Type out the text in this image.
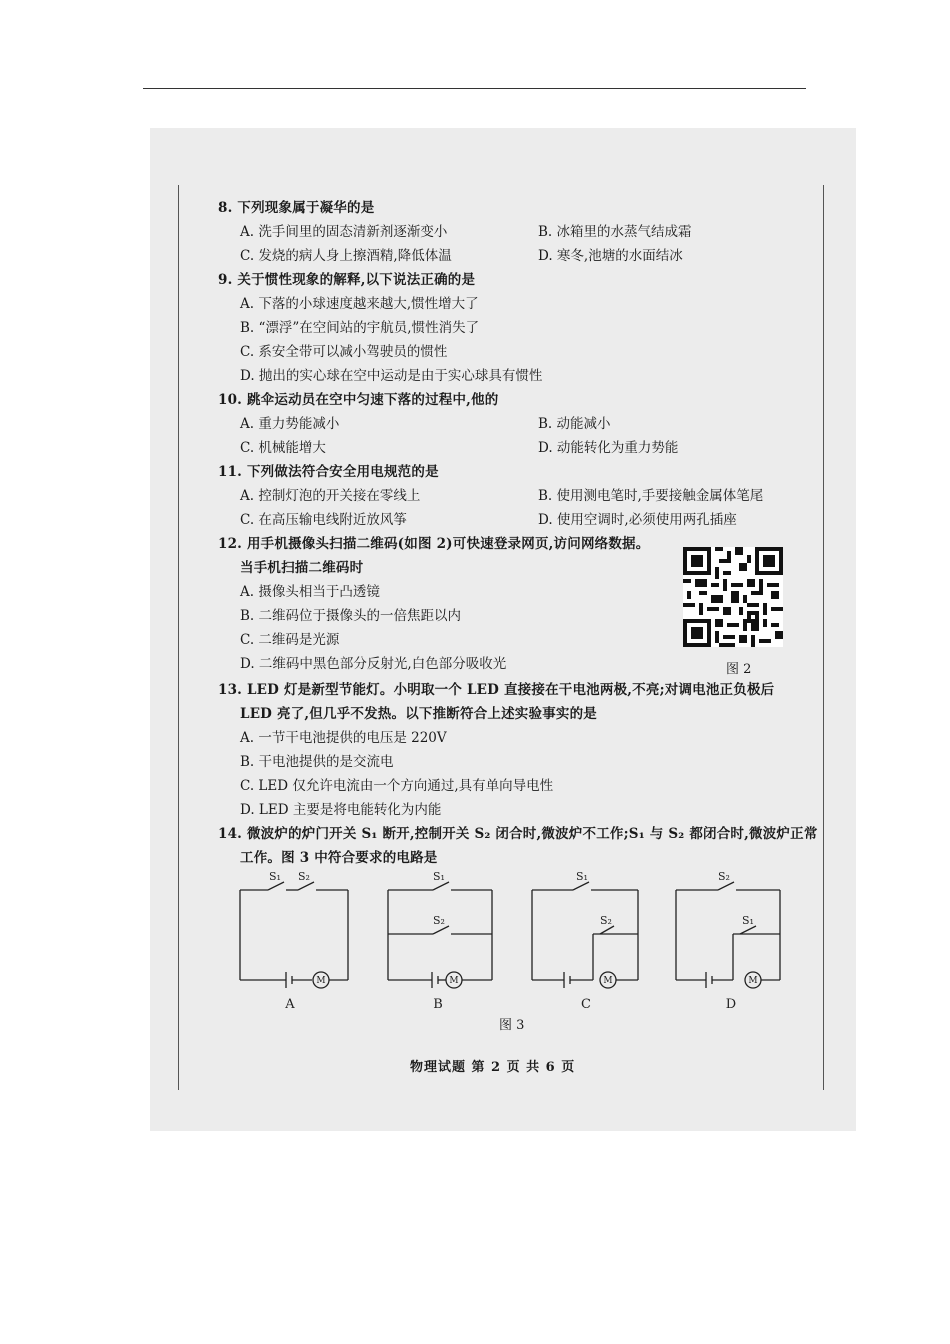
8. 下列现象属于凝华的是
A. 洗手间里的固态清新剂逐渐变小	B. 冰箱里的水蒸气结成霜
C. 发烧的病人身上擦酒精,降低体温	D. 寒冬,池塘的水面结冰
9. 关于惯性现象的解释,以下说法正确的是
A. 下落的小球速度越来越大,惯性增大了
B. “漂浮”在空间站的宇航员,惯性消失了
C. 系安全带可以减小驾驶员的惯性
D. 抛出的实心球在空中运动是由于实心球具有惯性
10. 跳伞运动员在空中匀速下落的过程中,他的
A. 重力势能减小	B. 动能减小
C. 机械能增大	D. 动能转化为重力势能
11. 下列做法符合安全用电规范的是
A. 控制灯泡的开关接在零线上	B. 使用测电笔时,手要接触金属体笔尾
C. 在高压输电线附近放风筝	D. 使用空调时,必须使用两孔插座
12. 用手机摄像头扫描二维码(如图 2)可快速登录网页,访问网络数据。
当手机扫描二维码时
A. 摄像头相当于凸透镜
B. 二维码位于摄像头的一倍焦距以内
C. 二维码是光源
D. 二维码中黑色部分反射光,白色部分吸收光	图 2
13. LED 灯是新型节能灯。小明取一个 LED 直接接在干电池两极,不亮;对调电池正负极后
LED 亮了,但几乎不发热。以下推断符合上述实验事实的是
A. 一节干电池提供的电压是 220V
B. 干电池提供的是交流电
C. LED 仅允许电流由一个方向通过,具有单向导电性
D. LED 主要是将电能转化为内能
14. 微波炉的炉门开关 S₁ 断开,控制开关 S₂ 闭合时,微波炉不工作;S₁ 与 S₂ 都闭合时,微波炉正常
工作。图 3 中符合要求的电路是
S₁ S₂	S₁
S₂
S₁
S₂
S₂
S₁
M	M	M	M
A	B	C	D
图 3
物理试题 第 2 页 共 6 页
